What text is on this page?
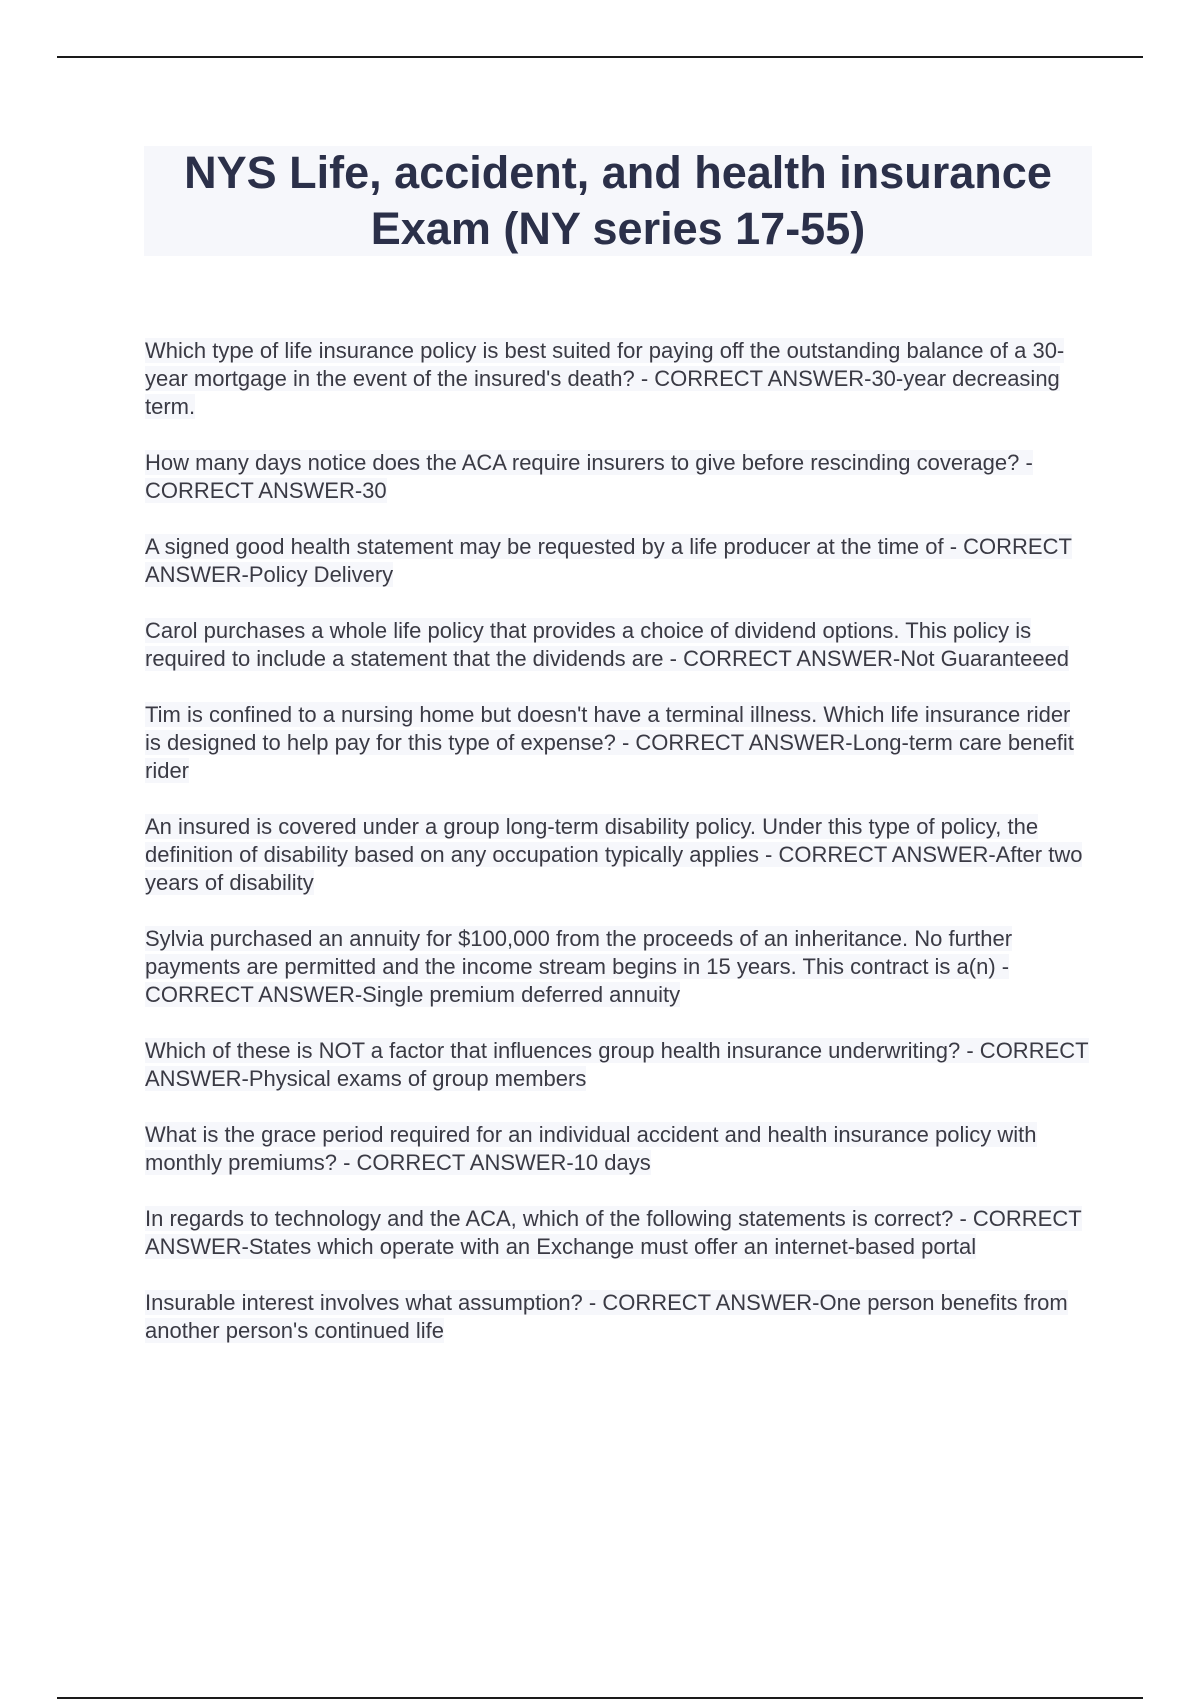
NYS Life, accident, and health insurance Exam (NY series 17-55)
Which type of life insurance policy is best suited for paying off the outstanding balance of a 30-year mortgage in the event of the insured's death? - CORRECT ANSWER-30-year decreasing term.
How many days notice does the ACA require insurers to give before rescinding coverage? - CORRECT ANSWER-30
A signed good health statement may be requested by a life producer at the time of - CORRECT ANSWER-Policy Delivery
Carol purchases a whole life policy that provides a choice of dividend options. This policy is required to include a statement that the dividends are - CORRECT ANSWER-Not Guaranteeed
Tim is confined to a nursing home but doesn't have a terminal illness. Which life insurance rider is designed to help pay for this type of expense? - CORRECT ANSWER-Long-term care benefit rider
An insured is covered under a group long-term disability policy. Under this type of policy, the definition of disability based on any occupation typically applies - CORRECT ANSWER-After two years of disability
Sylvia purchased an annuity for $100,000 from the proceeds of an inheritance. No further payments are permitted and the income stream begins in 15 years. This contract is a(n) - CORRECT ANSWER-Single premium deferred annuity
Which of these is NOT a factor that influences group health insurance underwriting? - CORRECT ANSWER-Physical exams of group members
What is the grace period required for an individual accident and health insurance policy with monthly premiums? - CORRECT ANSWER-10 days
In regards to technology and the ACA, which of the following statements is correct? - CORRECT ANSWER-States which operate with an Exchange must offer an internet-based portal
Insurable interest involves what assumption? - CORRECT ANSWER-One person benefits from another person's continued life
